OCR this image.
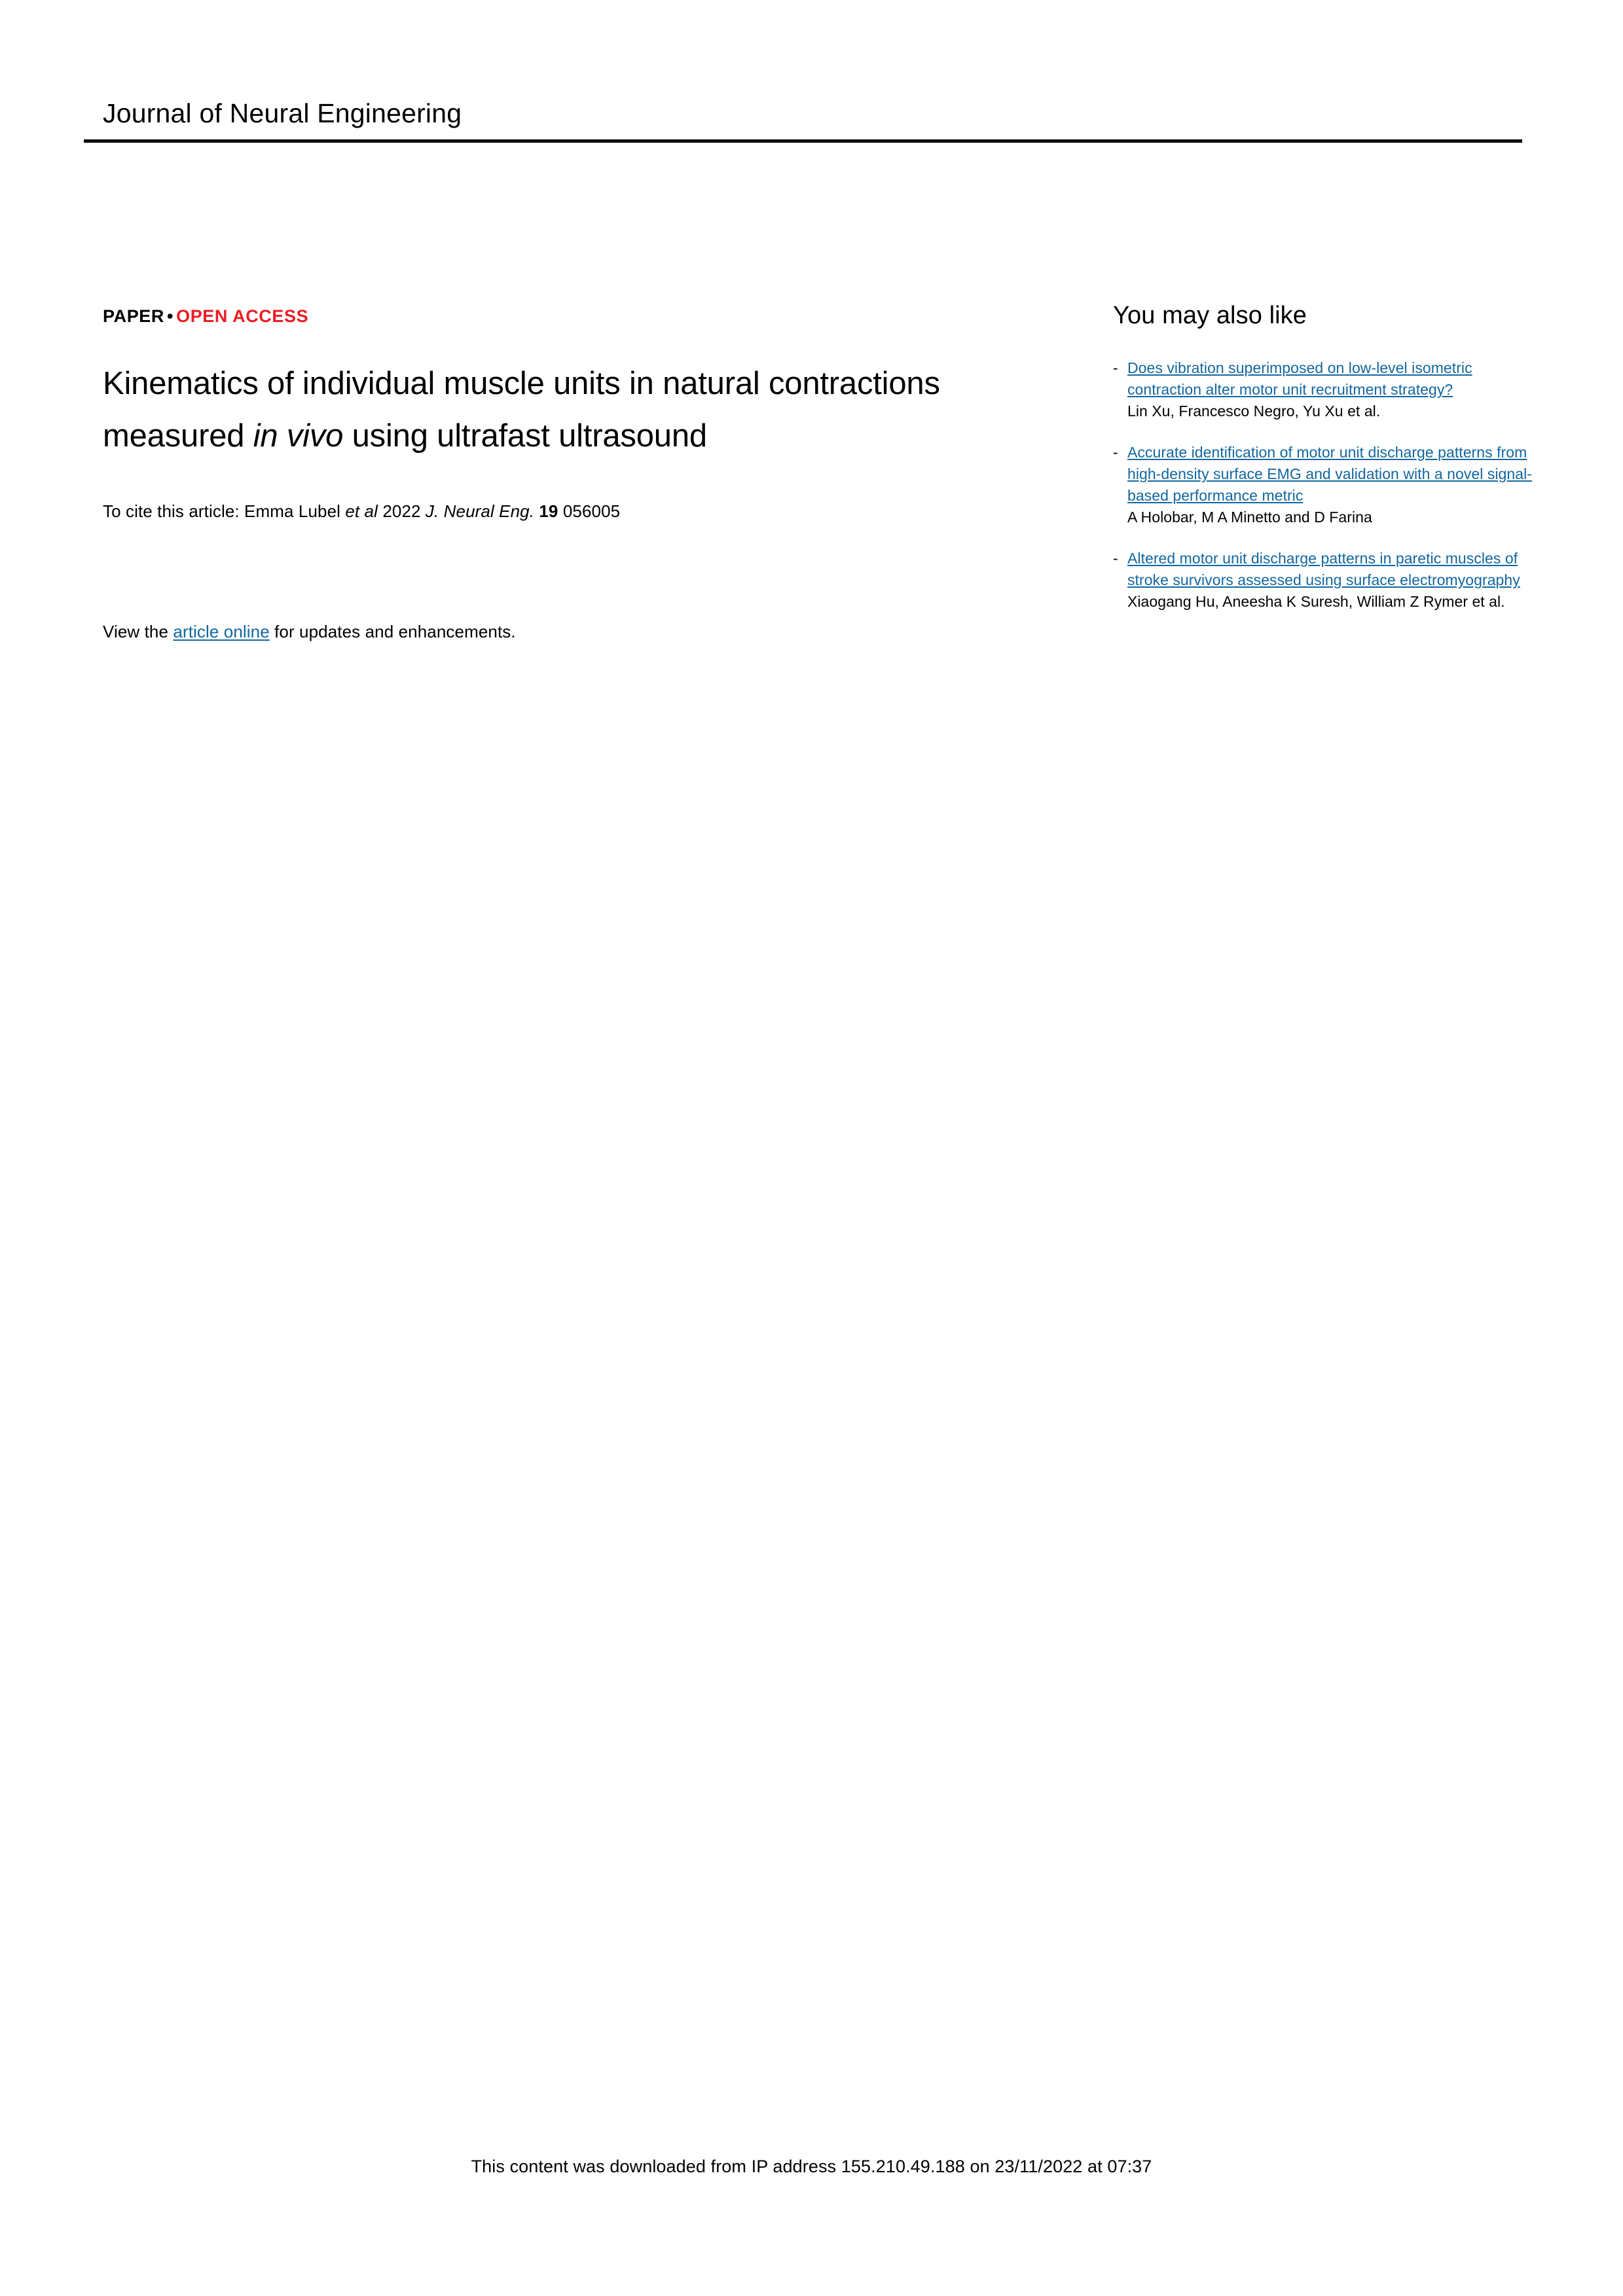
Journal of Neural Engineering
PAPER • OPEN ACCESS
Kinematics of individual muscle units in natural contractions measured in vivo using ultrafast ultrasound

To cite this article: Emma Lubel et al 2022 J. Neural Eng. 19 056005

View the article online for updates and enhancements.

You may also like
- Does vibration superimposed on low-level isometric contraction alter motor unit recruitment strategy?
Lin Xu, Francesco Negro, Yu Xu et al.
- Accurate identification of motor unit discharge patterns from high-density surface EMG and validation with a novel signal-based performance metric
A Holobar, M A Minetto and D Farina
- Altered motor unit discharge patterns in paretic muscles of stroke survivors assessed using surface electromyography
Xiaogang Hu, Aneesha K Suresh, William Z Rymer et al.
This content was downloaded from IP address 155.210.49.188 on 23/11/2022 at 07:37
